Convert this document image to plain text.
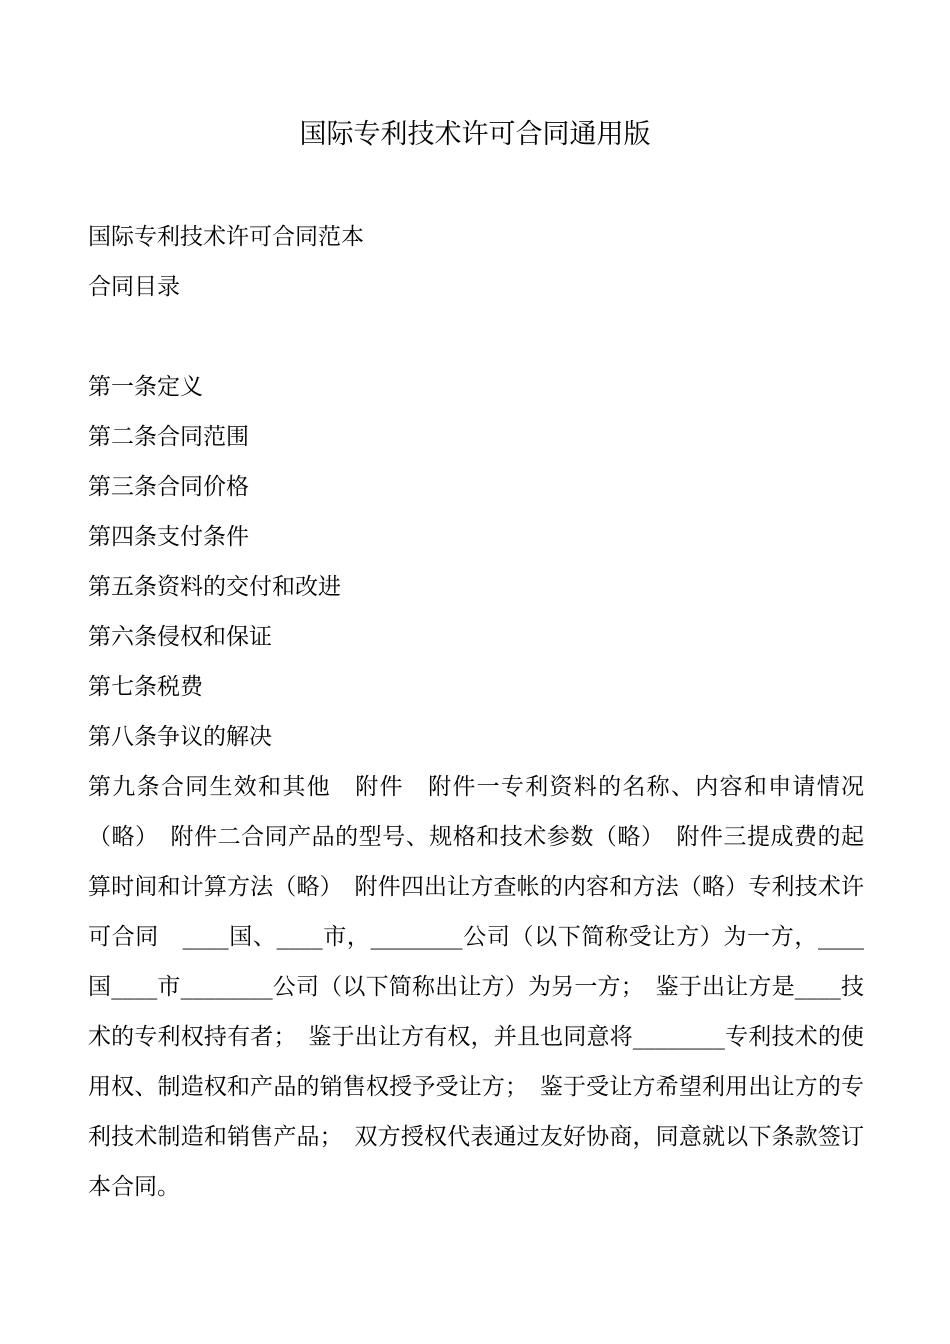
国际专利技术许可合同通用版
国际专利技术许可合同范本
合同目录
第一条定义
第二条合同范围
第三条合同价格
第四条支付条件
第五条资料的交付和改进
第六条侵权和保证
第七条税费
第八条争议的解决

第九条合同生效和其他　附件　附件一专利资料的名称、内容和申请情况（略）　附件二合同产品的型号、规格和技术参数（略）　附件三提成费的起算时间和计算方法（略）　附件四出让方查帐的内容和方法（略）专利技术许可合同　____国、____市，________公司（以下简称受让方）为一方，____国____市________公司（以下简称出让方）为另一方；　鉴于出让方是____技术的专利权持有者；　鉴于出让方有权，并且也同意将________专利技术的使用权、制造权和产品的销售权授予受让方；　鉴于受让方希望利用出让方的专利技术制造和销售产品；　双方授权代表通过友好协商，同意就以下条款签订本合同。
